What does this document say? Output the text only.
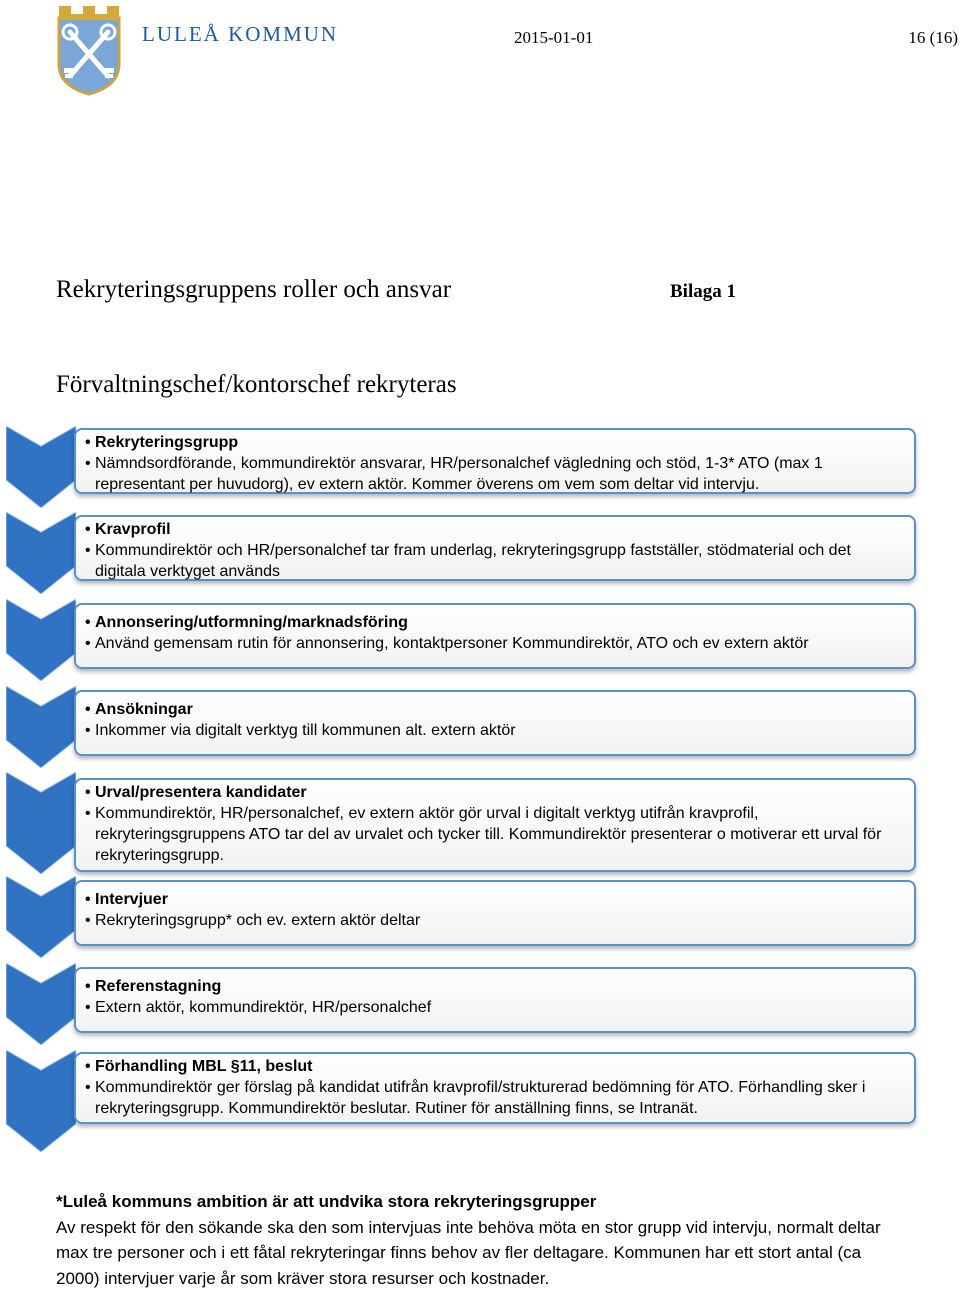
LULEÅ KOMMUN	2015-01-01	16 (16)
Rekryteringsgruppens roller och ansvar	Bilaga 1
Förvaltningschef/kontorschef rekryteras
• Rekryteringsgrupp
• Nämndsordförande, kommundirektör ansvarar, HR/personalchef vägledning och stöd, 1-3* ATO (max 1 representant per huvudorg), ev extern aktör. Kommer överens om vem som deltar vid intervju.
• Kravprofil
• Kommundirektör och HR/personalchef tar fram underlag, rekryteringsgrupp fastställer, stödmaterial och det digitala verktyget används
• Annonsering/utformning/marknadsföring
• Använd gemensam rutin för annonsering, kontaktpersoner Kommundirektör, ATO och ev extern aktör
• Ansökningar
• Inkommer via digitalt verktyg till kommunen alt. extern aktör
• Urval/presentera kandidater
• Kommundirektör, HR/personalchef, ev extern aktör gör urval i digitalt verktyg utifrån kravprofil, rekryteringsgruppens ATO tar del av urvalet och tycker till. Kommundirektör presenterar o motiverar ett urval för rekryteringsgrupp.
• Intervjuer
• Rekryteringsgrupp* och ev. extern aktör deltar
• Referenstagning
• Extern aktör, kommundirektör, HR/personalchef
• Förhandling MBL §11, beslut
• Kommundirektör ger förslag på kandidat utifrån kravprofil/strukturerad bedömning för ATO. Förhandling sker i rekryteringsgrupp. Kommundirektör beslutar. Rutiner för anställning finns, se Intranät.
*Luleå kommuns ambition är att undvika stora rekryteringsgrupper
Av respekt för den sökande ska den som intervjuas inte behöva möta en stor grupp vid intervju, normalt deltar max tre personer och i ett fåtal rekryteringar finns behov av fler deltagare. Kommunen har ett stort antal (ca 2000) intervjuer varje år som kräver stora resurser och kostnader.
